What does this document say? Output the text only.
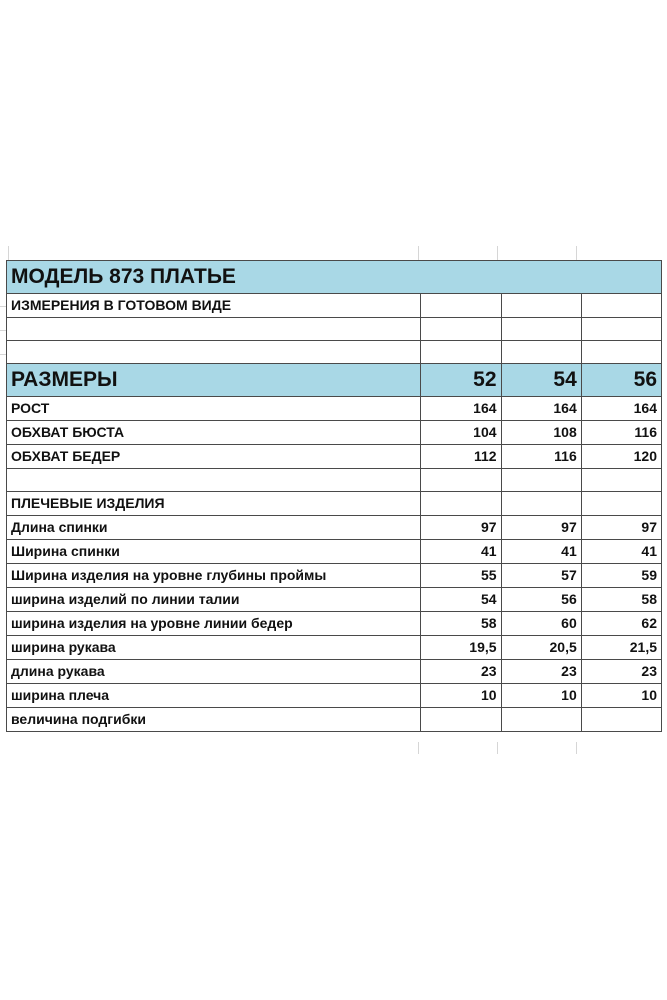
МОДЕЛЬ 873 ПЛАТЬЕ			
ИЗМЕРЕНИЯ В ГОТОВОМ ВИДЕ			

РАЗМЕРЫ	52	54	56
РОСТ	164	164	164
ОБХВАТ БЮСТА	104	108	116
ОБХВАТ БЕДЕР	112	116	120

ПЛЕЧЕВЫЕ ИЗДЕЛИЯ			
Длина спинки	97	97	97
Ширина спинки	41	41	41
Ширина изделия на уровне глубины проймы	55	57	59
ширина изделий по линии талии	54	56	58
ширина изделия на уровне линии бедер	58	60	62
ширина рукава	19,5	20,5	21,5
длина рукава	23	23	23
ширина плеча	10	10	10
величина подгибки			
